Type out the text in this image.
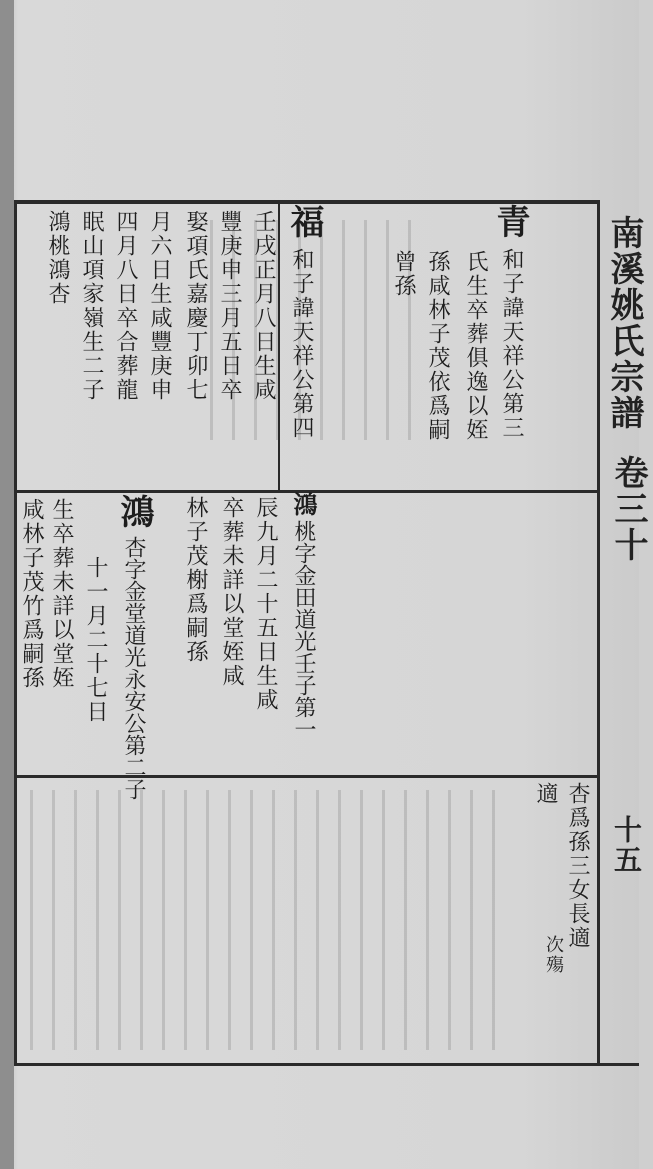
南溪姚氏宗譜
卷三十
十五
青
和子諱天祥公第三
氏生卒葬俱逸以姪
孫咸林子茂依爲嗣
曾孫
福
和子諱天祥公第四
壬戌正月八日生咸
豐庚申三月五日卒
娶項氏嘉慶丁卯七
月六日生咸豐庚申
四月八日卒合葬龍
眠山項家嶺生二子
鴻桃鴻杏
鴻
桃字金田道光壬子第一
辰九月二十五日生咸
卒葬未詳以堂姪咸
林子茂榭爲嗣孫
鴻
杏字金堂道光永安公第二子
十一月二十七日
生卒葬未詳以堂姪
咸林子茂竹爲嗣孫
杏爲孫三女長適
適
次殤
